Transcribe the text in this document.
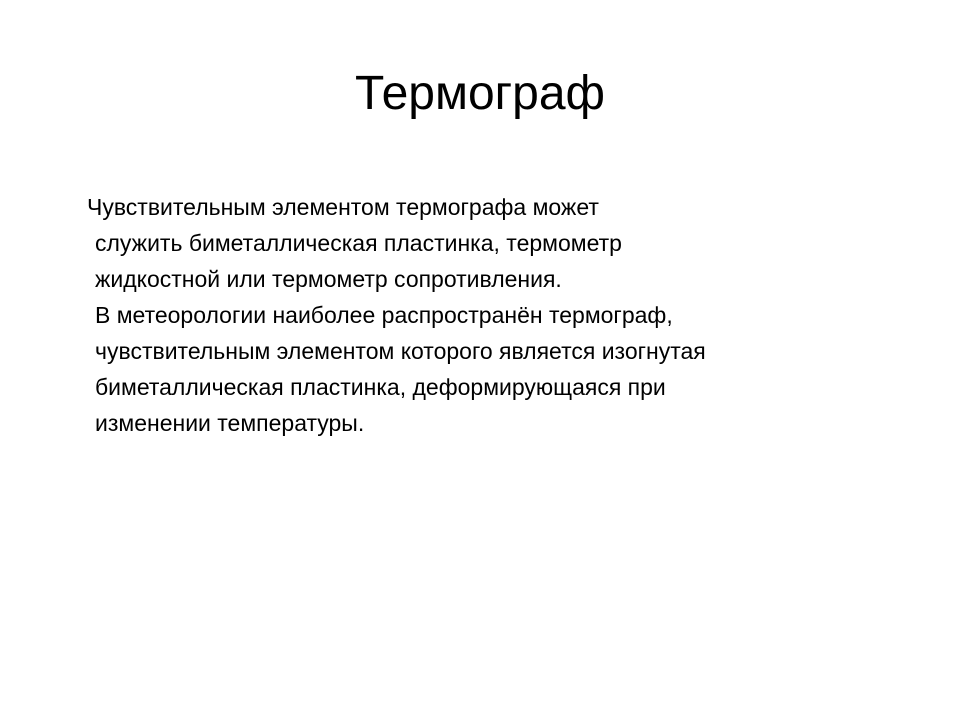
Термограф
Чувствительным элементом термографа может
служить биметаллическая пластинка, термометр
жидкостной или термометр сопротивления.
В метеорологии наиболее распространён термограф,
чувствительным элементом которого является изогнутая
биметаллическая пластинка, деформирующаяся при
изменении температуры.
